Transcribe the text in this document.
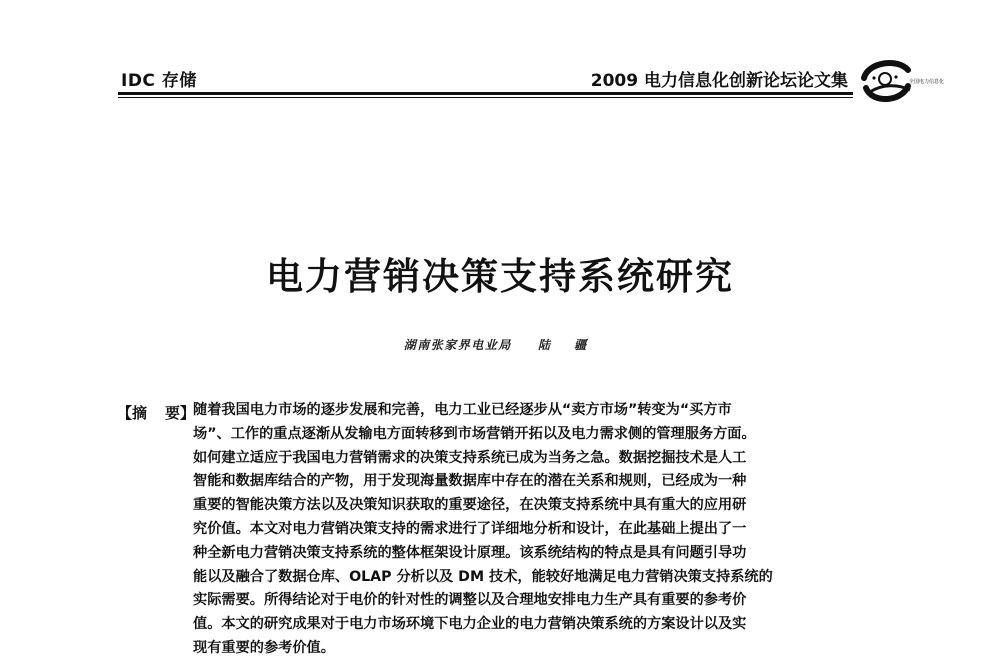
IDC 存储	2009 电力信息化创新论坛论文集	全国电力信息化
电力营销决策支持系统研究
湖南张家界电业局 陆 疆
【摘 要】
随着我国电力市场的逐步发展和完善，电力工业已经逐步从“卖方市场”转变为“买方市
场”、工作的重点逐渐从发输电方面转移到市场营销开拓以及电力需求侧的管理服务方面。
如何建立适应于我国电力营销需求的决策支持系统已成为当务之急。数据挖掘技术是人工
智能和数据库结合的产物，用于发现海量数据库中存在的潜在关系和规则，已经成为一种
重要的智能决策方法以及决策知识获取的重要途径，在决策支持系统中具有重大的应用研
究价值。本文对电力营销决策支持的需求进行了详细地分析和设计，在此基础上提出了一
种全新电力营销决策支持系统的整体框架设计原理。该系统结构的特点是具有问题引导功
能以及融合了数据仓库、OLAP 分析以及 DM 技术，能较好地满足电力营销决策支持系统的
实际需要。所得结论对于电价的针对性的调整以及合理地安排电力生产具有重要的参考价
值。本文的研究成果对于电力市场环境下电力企业的电力营销决策系统的方案设计以及实
现有重要的参考价值。
